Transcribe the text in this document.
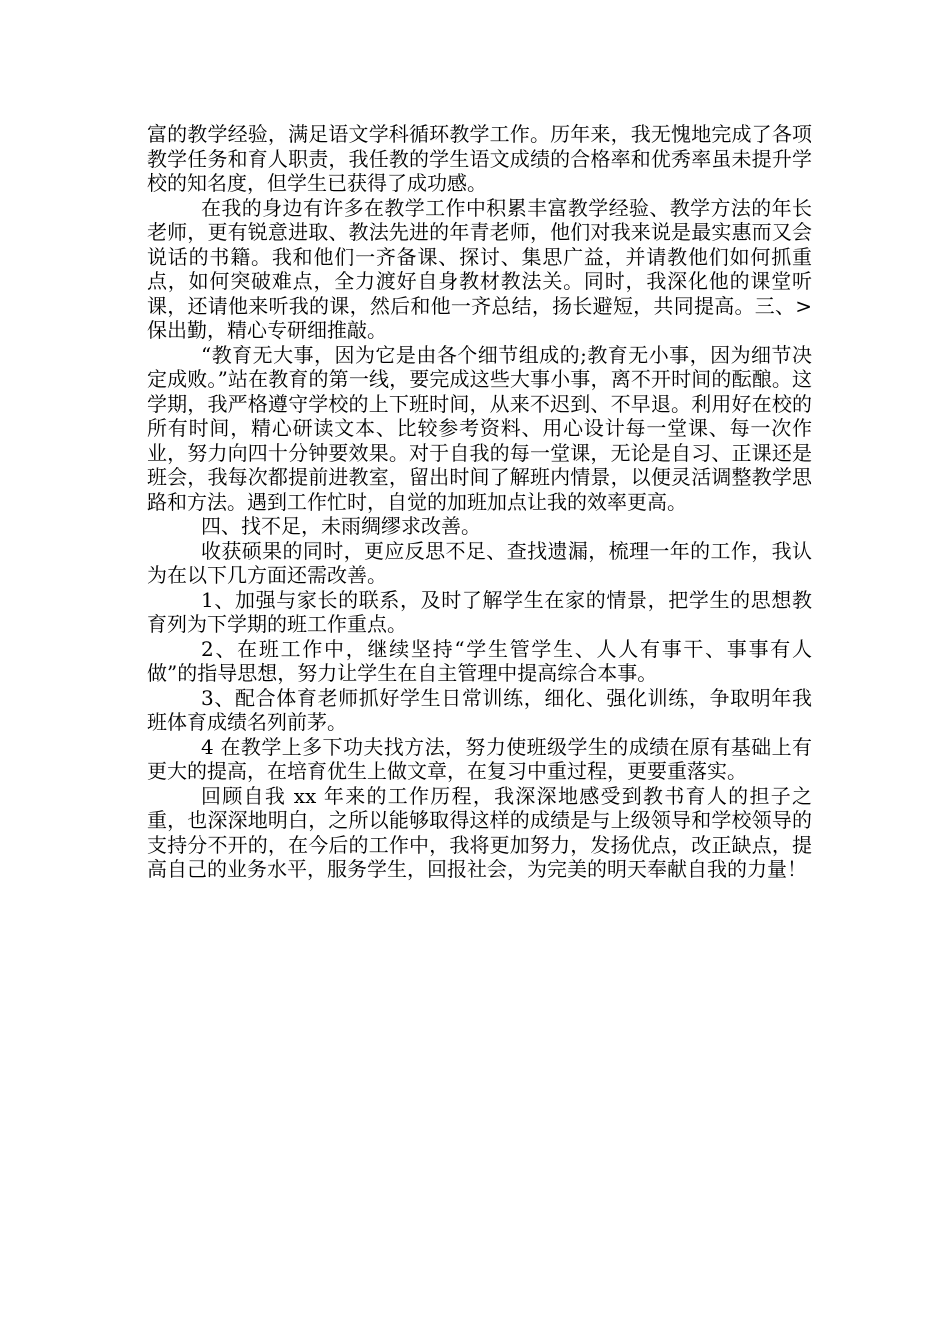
富的教学经验，满足语文学科循环教学工作。历年来，我无愧地完成了各项教学任务和育人职责，我任教的学生语文成绩的合格率和优秀率虽未提升学校的知名度，但学生已获得了成功感。

在我的身边有许多在教学工作中积累丰富教学经验、教学方法的年长老师，更有锐意进取、教法先进的年青老师，他们对我来说是最实惠而又会说话的书籍。我和他们一齐备课、探讨、集思广益，并请教他们如何抓重点，如何突破难点，全力渡好自身教材教法关。同时，我深化他的课堂听课，还请他来听我的课，然后和他一齐总结，扬长避短，共同提高。三、>保出勤，精心专研细推敲。

“教育无大事，因为它是由各个细节组成的;教育无小事，因为细节决定成败。”站在教育的第一线，要完成这些大事小事，离不开时间的酝酿。这学期，我严格遵守学校的上下班时间，从来不迟到、不早退。利用好在校的所有时间，精心研读文本、比较参考资料、用心设计每一堂课、每一次作业，努力向四十分钟要效果。对于自我的每一堂课，无论是自习、正课还是班会，我每次都提前进教室，留出时间了解班内情景，以便灵活调整教学思路和方法。遇到工作忙时，自觉的加班加点让我的效率更高。

四、找不足，未雨绸缪求改善。

收获硕果的同时，更应反思不足、查找遗漏，梳理一年的工作，我认为在以下几方面还需改善。

1、加强与家长的联系，及时了解学生在家的情景，把学生的思想教育列为下学期的班工作重点。

2、在班工作中，继续坚持“学生管学生、人人有事干、事事有人做”的指导思想，努力让学生在自主管理中提高综合本事。

3、配合体育老师抓好学生日常训练，细化、强化训练，争取明年我班体育成绩名列前茅。

4 在教学上多下功夫找方法，努力使班级学生的成绩在原有基础上有更大的提高，在培育优生上做文章，在复习中重过程，更要重落实。

回顾自我 xx 年来的工作历程，我深深地感受到教书育人的担子之重，也深深地明白，之所以能够取得这样的成绩是与上级领导和学校领导的支持分不开的，在今后的工作中，我将更加努力，发扬优点，改正缺点，提高自己的业务水平，服务学生，回报社会，为完美的明天奉献自我的力量！
